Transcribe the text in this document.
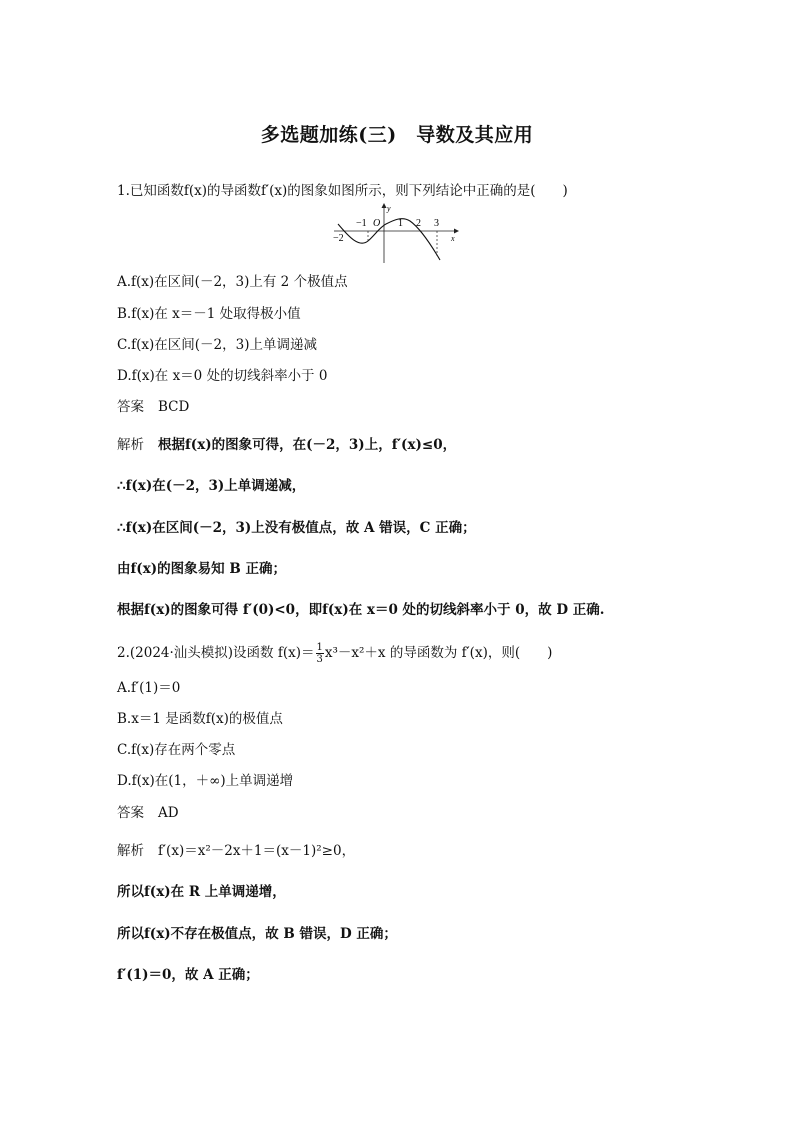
多选题加练(三)　导数及其应用
1.已知函数f(x)的导函数f′(x)的图象如图所示，则下列结论中正确的是(　　)
y
x
O
−1
−2
1 2 3
A.f(x)在区间(－2，3)上有 2 个极值点
B.f(x)在 x＝－1 处取得极小值
C.f(x)在区间(－2，3)上单调递减
D.f(x)在 x＝0 处的切线斜率小于 0
答案 BCD
解析 根据f(x)的图象可得，在(－2，3)上，f′(x)≤0，
∴f(x)在(－2，3)上单调递减，
∴f(x)在区间(－2，3)上没有极值点，故 A 错误，C 正确；
由f(x)的图象易知 B 正确；
根据f(x)的图象可得 f′(0)<0，即f(x)在 x＝0 处的切线斜率小于 0，故 D 正确.
2.(2024·汕头模拟)设函数 $f(x)= \frac{1}{3} x^3-x^2+x$ 的导函数为 f′(x)，则(　　)
A.f′(1)＝0
B.x＝1 是函数f(x)的极值点
C.f(x)存在两个零点
D.f(x)在(1，＋∞)上单调递增
答案 AD
解析 f′(x)＝x²－2x＋1＝(x－1)²≥0，
所以f(x)在 R 上单调递增，
所以f(x)不存在极值点，故 B 错误，D 正确；
f′(1)＝0，故 A 正确；
